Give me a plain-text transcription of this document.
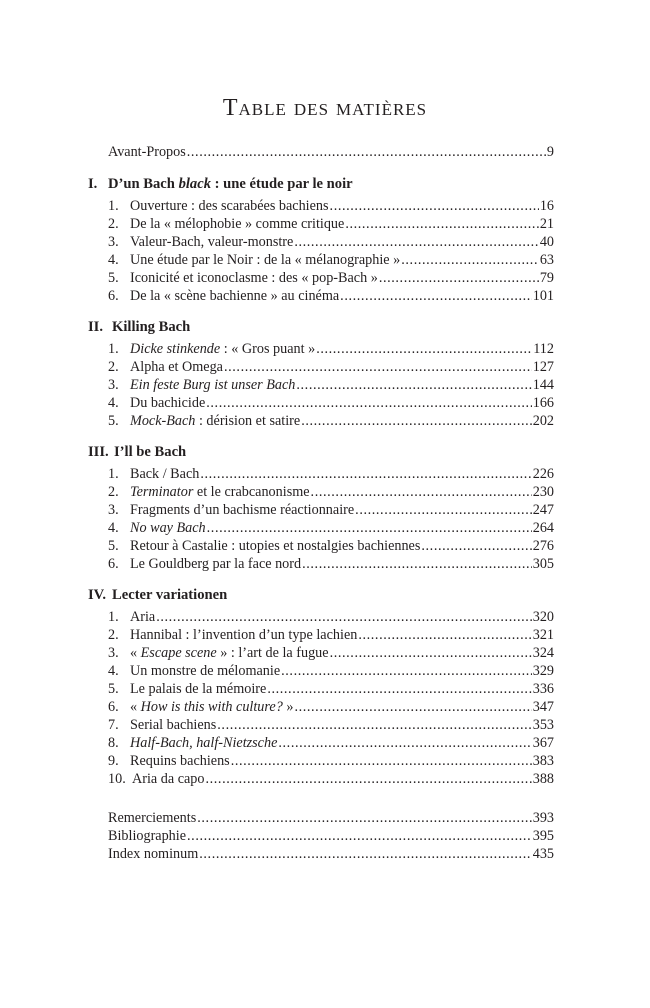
Table des matières
Avant-Propos .....	9
I. D’un Bach black : une étude par le noir
1. Ouverture : des scarabées bachiens .....	16
2. De la « mélophobie » comme critique .....	21
3. Valeur-Bach, valeur-monstre .....	40
4. Une étude par le Noir : de la « mélanographie » .....	63
5. Iconicité et iconoclasme : des « pop-Bach » .....	79
6. De la « scène bachienne » au cinéma .....	101
II. Killing Bach
1. Dicke stinkende : « Gros puant » .....	112
2. Alpha et Omega .....	127
3. Ein feste Burg ist unser Bach .....	144
4. Du bachicide .....	166
5. Mock-Bach : dérision et satire .....	202
III. I’ll be Bach
1. Back / Bach .....	226
2. Terminator et le crabcanonisme .....	230
3. Fragments d’un bachisme réactionnaire .....	247
4. No way Bach .....	264
5. Retour à Castalie : utopies et nostalgies bachiennes .....	276
6. Le Gouldberg par la face nord .....	305
IV. Lecter variationen
1. Aria .....	320
2. Hannibal : l’invention d’un type lachien .....	321
3. « Escape scene » : l’art de la fugue .....	324
4. Un monstre de mélomanie .....	329
5. Le palais de la mémoire .....	336
6. « How is this with culture? » .....	347
7. Serial bachiens .....	353
8. Half-Bach, half-Nietzsche .....	367
9. Requins bachiens .....	383
10. Aria da capo .....	388
Remerciements .....	393
Bibliographie .....	395
Index nominum .....	435
